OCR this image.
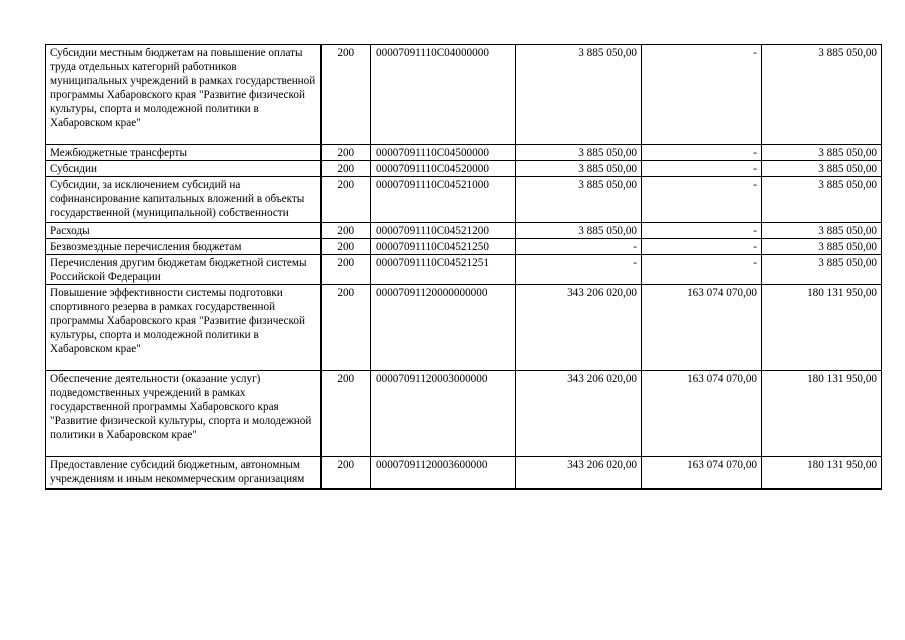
Субсидии местным бюджетам на повышение оплаты труда отдельных категорий работников муниципальных учреждений в рамках государственной программы Хабаровского края "Развитие физической культуры, спорта и молодежной политики в Хабаровском крае"	200	00007091110C04000000	3 885 050,00	-	3 885 050,00
Межбюджетные трансферты	200	00007091110C04500000	3 885 050,00	-	3 885 050,00
Субсидии	200	00007091110C04520000	3 885 050,00	-	3 885 050,00
Субсидии, за исключением субсидий на софинансирование капитальных вложений в объекты государственной (муниципальной) собственности	200	00007091110C04521000	3 885 050,00	-	3 885 050,00
Расходы	200	00007091110C04521200	3 885 050,00	-	3 885 050,00
Безвозмездные перечисления бюджетам	200	00007091110C04521250	-	-	3 885 050,00
Перечисления другим бюджетам бюджетной системы Российской Федерации	200	00007091110C04521251	-	-	3 885 050,00
Повышение эффективности системы подготовки спортивного резерва в рамках государственной программы Хабаровского края "Развитие физической культуры, спорта и молодежной политики в Хабаровском крае"	200	00007091120000000000	343 206 020,00	163 074 070,00	180 131 950,00
Обеспечение деятельности (оказание услуг) подведомственных учреждений в рамках государственной программы Хабаровского края "Развитие физической культуры, спорта и молодежной политики в Хабаровском крае"	200	00007091120003000000	343 206 020,00	163 074 070,00	180 131 950,00
Предоставление субсидий бюджетным, автономным учреждениям и иным некоммерческим организациям	200	00007091120003600000	343 206 020,00	163 074 070,00	180 131 950,00
